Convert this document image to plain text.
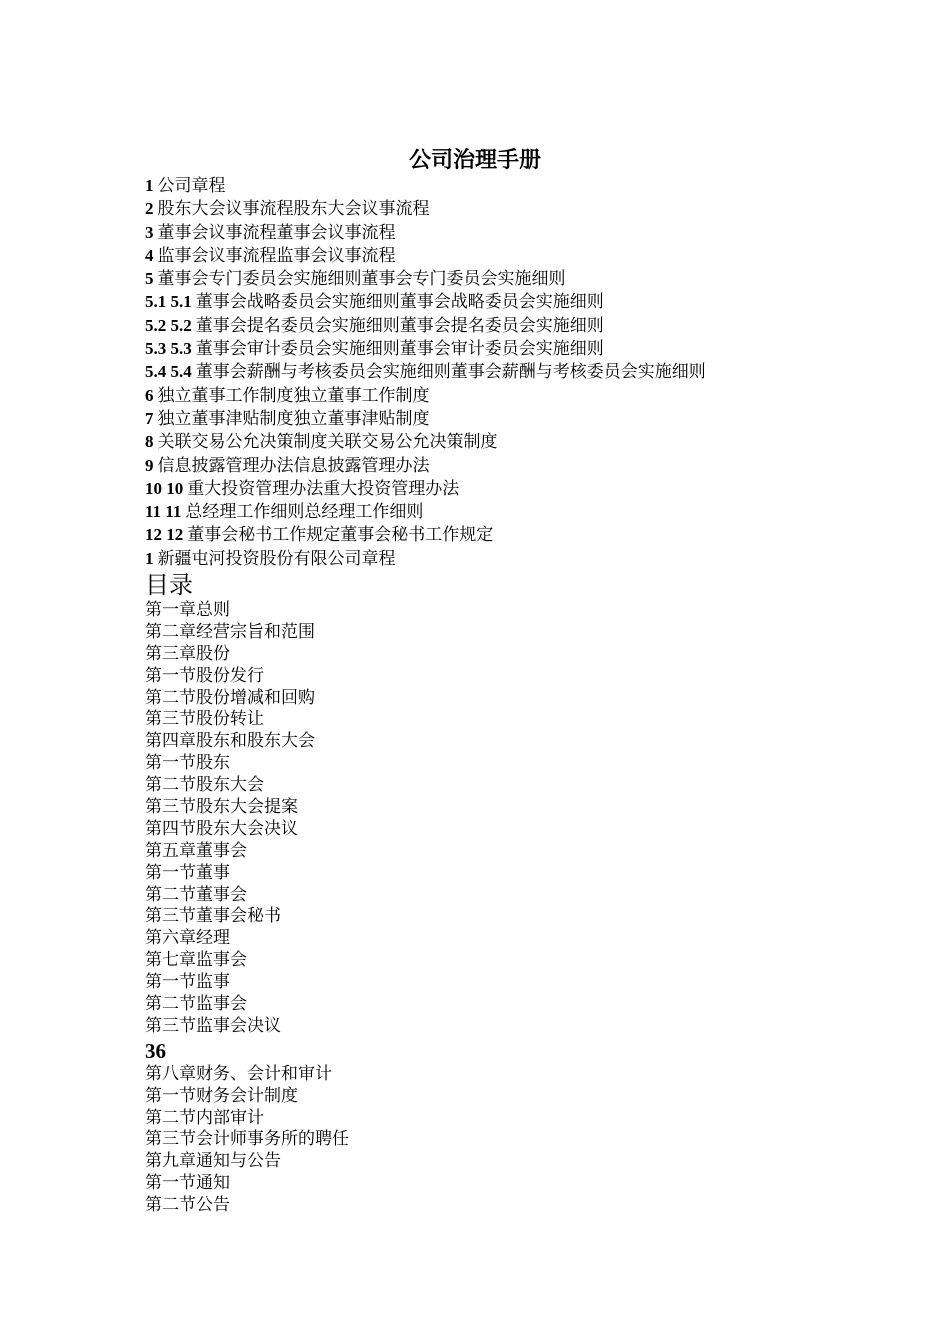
公司治理手册
1 公司章程
2 股东大会议事流程股东大会议事流程
3 董事会议事流程董事会议事流程
4 监事会议事流程监事会议事流程
5 董事会专门委员会实施细则董事会专门委员会实施细则
5.1 5.1 董事会战略委员会实施细则董事会战略委员会实施细则
5.2 5.2 董事会提名委员会实施细则董事会提名委员会实施细则
5.3 5.3 董事会审计委员会实施细则董事会审计委员会实施细则
5.4 5.4 董事会薪酬与考核委员会实施细则董事会薪酬与考核委员会实施细则
6 独立董事工作制度独立董事工作制度
7 独立董事津贴制度独立董事津贴制度
8 关联交易公允决策制度关联交易公允决策制度
9 信息披露管理办法信息披露管理办法
10 10 重大投资管理办法重大投资管理办法
11 11 总经理工作细则总经理工作细则
12 12 董事会秘书工作规定董事会秘书工作规定
1 新疆屯河投资股份有限公司章程
目录
第一章总则
第二章经营宗旨和范围
第三章股份
第一节股份发行
第二节股份增减和回购
第三节股份转让
第四章股东和股东大会
第一节股东
第二节股东大会
第三节股东大会提案
第四节股东大会决议
第五章董事会
第一节董事
第二节董事会
第三节董事会秘书
第六章经理
第七章监事会
第一节监事
第二节监事会
第三节监事会决议
36
第八章财务、会计和审计
第一节财务会计制度
第二节内部审计
第三节会计师事务所的聘任
第九章通知与公告
第一节通知
第二节公告
